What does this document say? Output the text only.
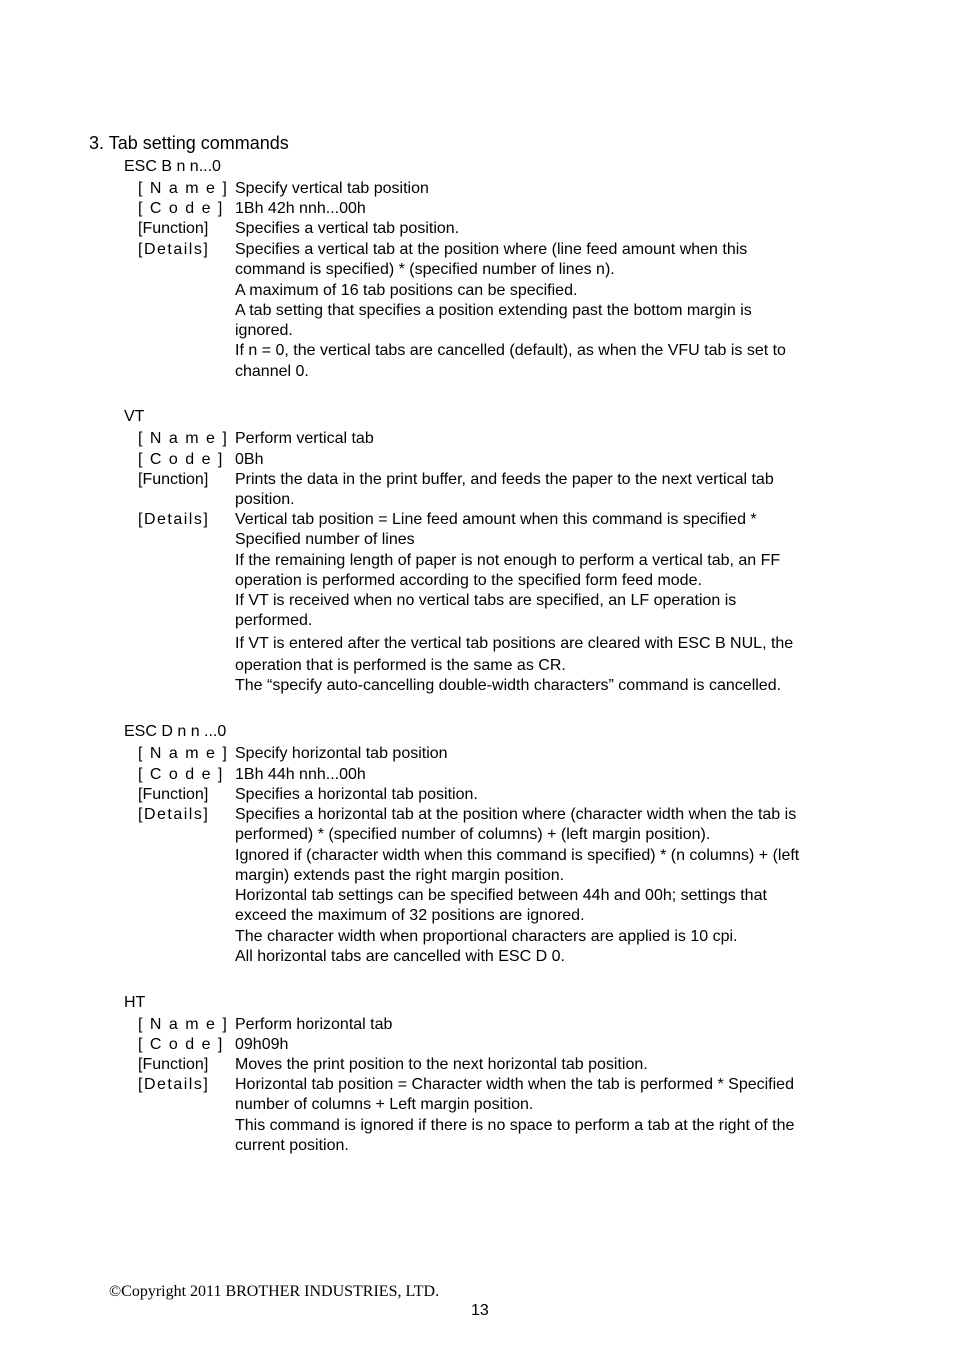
3. Tab setting commands
ESC B n n...0
[ N a m e ] Specify vertical tab position
[ C o d e ] 1Bh 42h nnh...00h
[Function]	Specifies a vertical tab position.
[Details]	Specifies a vertical tab at the position where (line feed amount when this
command is specified) * (specified number of lines n).
A maximum of 16 tab positions can be specified.
A tab setting that specifies a position extending past the bottom margin is
ignored.
If n = 0, the vertical tabs are cancelled (default), as when the VFU tab is set to
channel 0.
VT
[ N a m e ] Perform vertical tab
[ C o d e ] 0Bh
[Function]	Prints the data in the print buffer, and feeds the paper to the next vertical tab
position.
[Details]	Vertical tab position = Line feed amount when this command is specified *
Specified number of lines
If the remaining length of paper is not enough to perform a vertical tab, an FF
operation is performed according to the specified form feed mode.
If VT is received when no vertical tabs are specified, an LF operation is
performed.
If VT is entered after the vertical tab positions are cleared with ESC B NUL, the
operation that is performed is the same as CR.
The “specify auto-cancelling double-width characters” command is cancelled.
ESC D n n ...0
[ N a m e ] Specify horizontal tab position
[ C o d e ] 1Bh 44h nnh...00h
[Function]	Specifies a horizontal tab position.
[Details]	Specifies a horizontal tab at the position where (character width when the tab is
performed) * (specified number of columns) + (left margin position).
Ignored if (character width when this command is specified) * (n columns) + (left
margin) extends past the right margin position.
Horizontal tab settings can be specified between 44h and 00h; settings that
exceed the maximum of 32 positions are ignored.
The character width when proportional characters are applied is 10 cpi.
All horizontal tabs are cancelled with ESC D 0.
HT
[ N a m e ] Perform horizontal tab
[ C o d e ] 09h09h
[Function]	Moves the print position to the next horizontal tab position.
[Details]	Horizontal tab position = Character width when the tab is performed * Specified
number of columns + Left margin position.
This command is ignored if there is no space to perform a tab at the right of the
current position.
©Copyright 2011 BROTHER INDUSTRIES, LTD.
13
